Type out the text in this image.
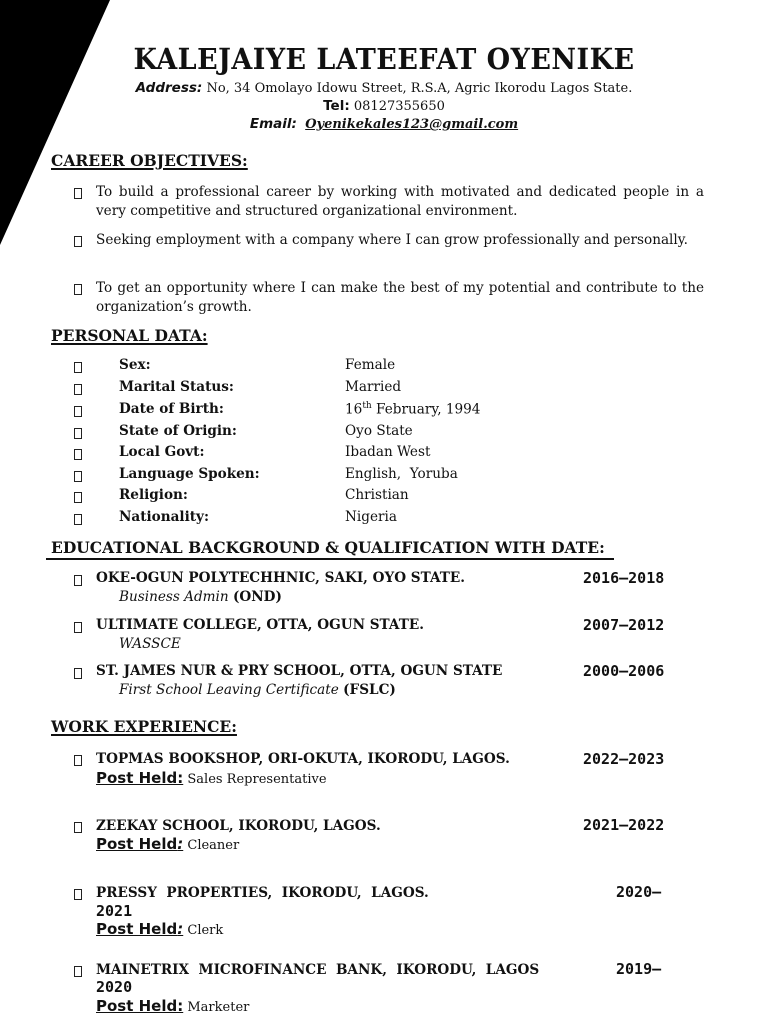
KALEJAIYE LATEEFAT OYENIKE
Address: No, 34 Omolayo Idowu Street, R.S.A, Agric Ikorodu Lagos State.
Tel: 08127355650
Email: Oyenikekales123@gmail.com
CAREER OBJECTIVES:
To build a professional career by working with motivated and dedicated people in a very competitive and structured organizational environment.
Seeking employment with a company where I can grow professionally and personally.
To get an opportunity where I can make the best of my potential and contribute to the organization’s growth.
PERSONAL DATA:
Sex:	Female
Marital Status:	Married
Date of Birth:	16th February, 1994
State of Origin:	Oyo State
Local Govt:	Ibadan West
Language Spoken:	English,  Yoruba
Religion:	Christian
Nationality:	Nigeria
EDUCATIONAL BACKGROUND & QUALIFICATION WITH DATE:
OKE-OGUN POLYTECHHNIC, SAKI, OYO STATE.	2016–2018
Business Admin (OND)
ULTIMATE COLLEGE, OTTA, OGUN STATE.	2007–2012
WASSCE
ST. JAMES NUR & PRY SCHOOL, OTTA, OGUN STATE	2000–2006
First School Leaving Certificate (FSLC)
WORK EXPERIENCE:
TOPMAS BOOKSHOP, ORI-OKUTA, IKORODU, LAGOS.	2022–2023
Post Held: Sales Representative
ZEEKAY SCHOOL, IKORODU, LAGOS.	2021–2022
Post Held: Cleaner
PRESSY  PROPERTIES,  IKORODU,  LAGOS.	2020–
2021
Post Held: Clerk
MAINETRIX  MICROFINANCE  BANK,  IKORODU,  LAGOS	2019–
2020
Post Held: Marketer
